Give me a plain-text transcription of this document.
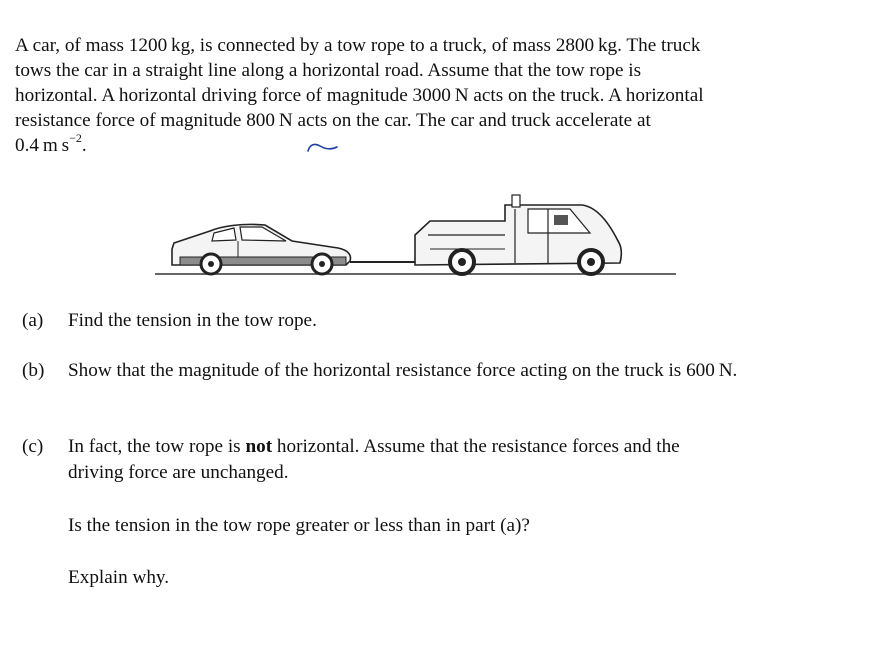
A car, of mass 1200 kg, is connected by a tow rope to a truck, of mass 2800 kg. The truck
tows the car in a straight line along a horizontal road. Assume that the tow rope is
horizontal. A horizontal driving force of magnitude 3000 N acts on the truck. A horizontal
resistance force of magnitude 800 N acts on the car. The car and truck accelerate at
0.4 m $s^{-2}$.
(a) Find the tension in the tow rope.
(b) Show that the magnitude of the horizontal resistance force acting on the truck is 600 N.
(c) In fact, the tow rope is not horizontal. Assume that the resistance forces and the
driving force are unchanged.
Is the tension in the tow rope greater or less than in part (a)?
Explain why.
